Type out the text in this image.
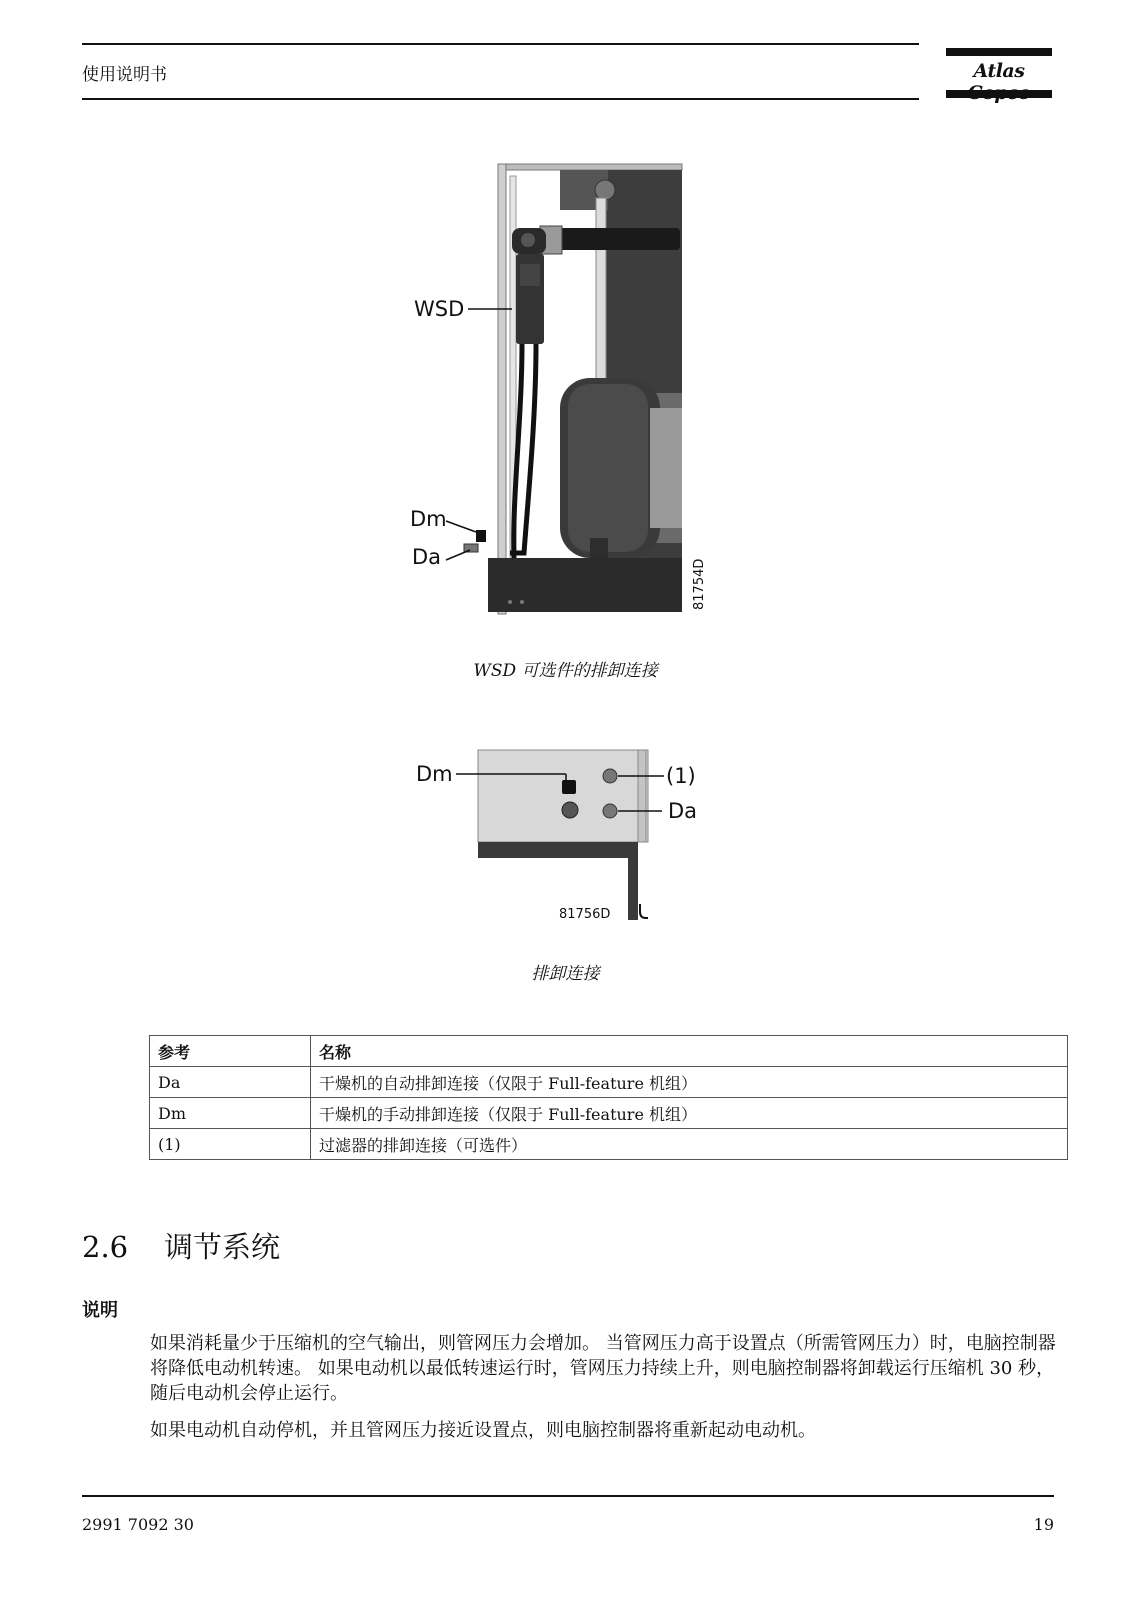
使用说明书	Atlas Copco
WSD
Dm
Da
81754D
WSD 可选件的排卸连接
Dm	(1)
Da
81756D
排卸连接
参考	名称
Da	干燥机的自动排卸连接（仅限于 Full-feature 机组）
Dm	干燥机的手动排卸连接（仅限于 Full-feature 机组）
(1)	过滤器的排卸连接（可选件）
2.6 调节系统
说明

如果消耗量少于压缩机的空气输出，则管网压力会增加。 当管网压力高于设置点（所需管网压力）时，电脑控制器将降低电动机转速。 如果电动机以最低转速运行时，管网压力持续上升，则电脑控制器将卸载运行压缩机 30 秒，随后电动机会停止运行。

如果电动机自动停机，并且管网压力接近设置点，则电脑控制器将重新起动电动机。

2991 7092 30	19
